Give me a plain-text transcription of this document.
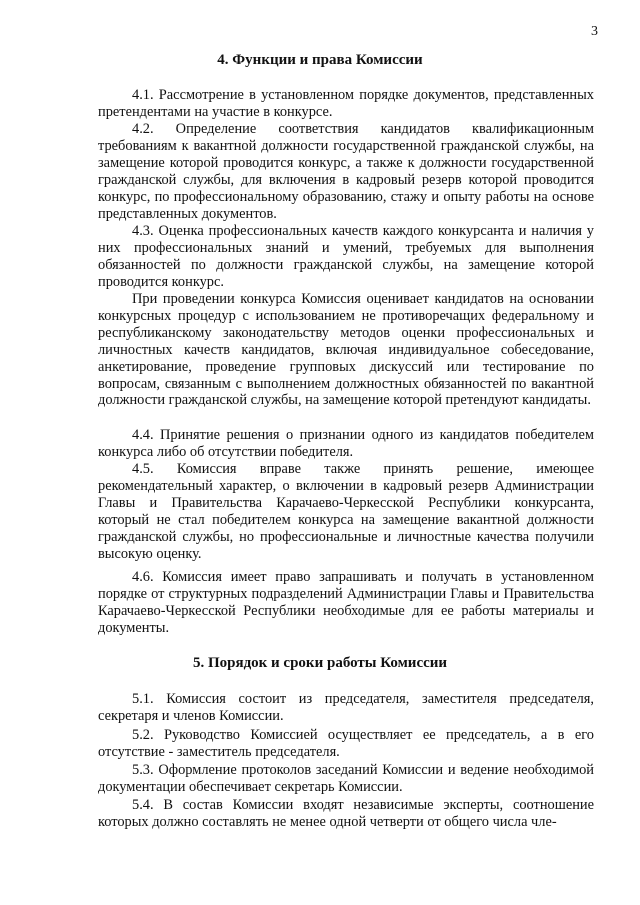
3
4. Функции и права Комиссии

4.1. Рассмотрение в установленном порядке документов, представленных претендентами на участие в конкурсе.

4.2. Определение соответствия кандидатов квалификационным требованиям к вакантной должности государственной гражданской службы, на замещение которой проводится конкурс, а также к должности государственной гражданской службы, для включения в кадровый резерв которой проводится конкурс, по профессиональному образованию, стажу и опыту работы на основе представленных документов.

4.3. Оценка профессиональных качеств каждого конкурсанта и наличия у них профессиональных знаний и умений, требуемых для выполнения обязанностей по должности гражданской службы, на замещение которой проводится конкурс.

При проведении конкурса Комиссия оценивает кандидатов на основании конкурсных процедур с использованием не противоречащих федеральному и республиканскому законодательству методов оценки профессиональных и личностных качеств кандидатов, включая индивидуальное собеседование, анкетирование, проведение групповых дискуссий или тестирование по вопросам, связанным с выполнением должностных обязанностей по вакантной должности гражданской службы, на замещение которой претендуют кандидаты.

4.4. Принятие решения о признании одного из кандидатов победителем конкурса либо об отсутствии победителя.

4.5. Комиссия вправе также принять решение, имеющее рекомендательный характер, о включении в кадровый резерв Администрации Главы и Правительства Карачаево-Черкесской Республики конкурсанта, который не стал победителем конкурса на замещение вакантной должности гражданской службы, но профессиональные и личностные качества получили высокую оценку.

4.6. Комиссия имеет право запрашивать и получать в установленном порядке от структурных подразделений Администрации Главы и Правительства Карачаево-Черкесской Республики необходимые для ее работы материалы и документы.

5. Порядок и сроки работы Комиссии

5.1. Комиссия состоит из председателя, заместителя председателя, секретаря и членов Комиссии.

5.2. Руководство Комиссией осуществляет ее председатель, а в его отсутствие - заместитель председателя.

5.3. Оформление протоколов заседаний Комиссии и ведение необходимой документации обеспечивает секретарь Комиссии.

5.4. В состав Комиссии входят независимые эксперты, соотношение которых должно составлять не менее одной четверти от общего числа чле-
